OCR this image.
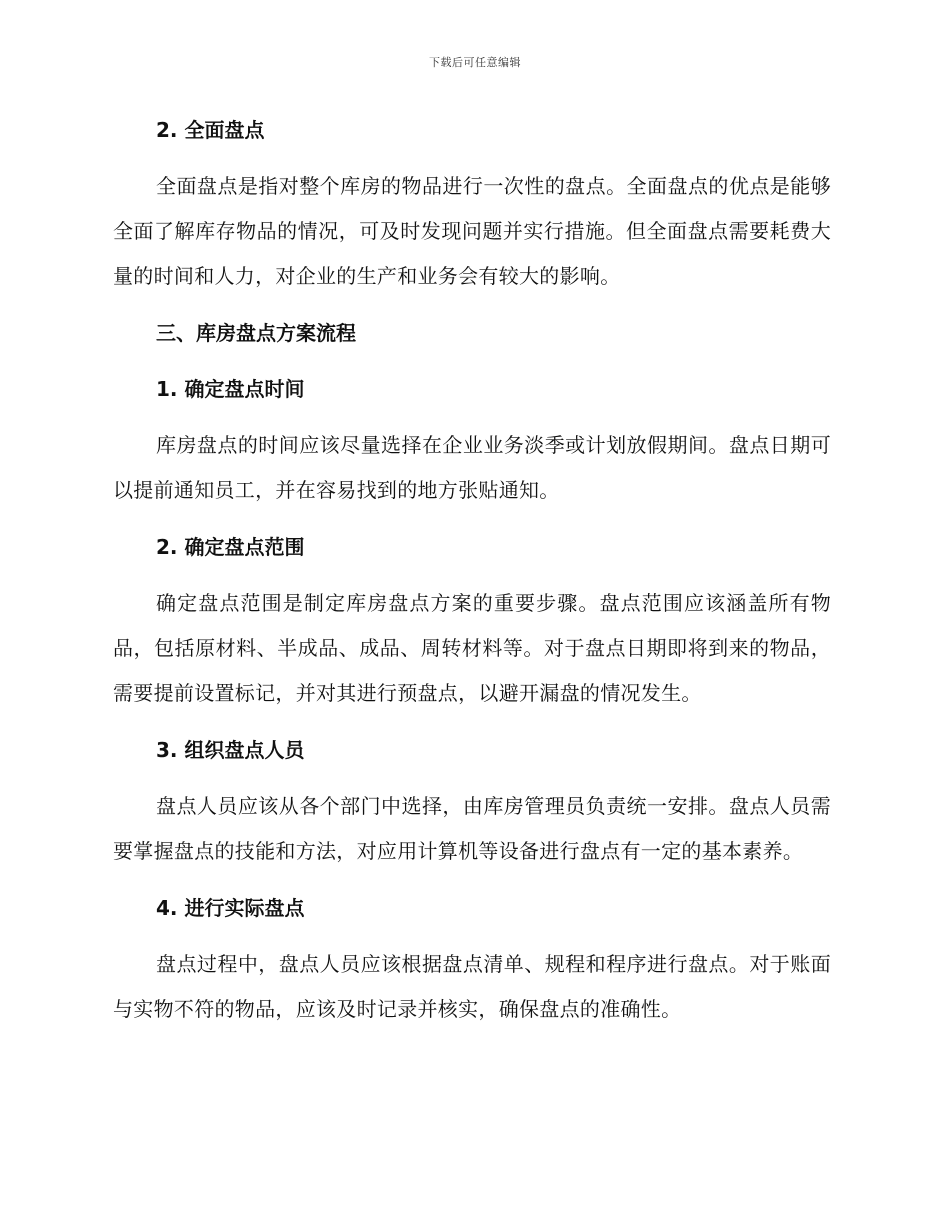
下载后可任意编辑
2. 全面盘点

全面盘点是指对整个库房的物品进行一次性的盘点。全面盘点的优点是能够全面了解库存物品的情况，可及时发现问题并实行措施。但全面盘点需要耗费大量的时间和人力，对企业的生产和业务会有较大的影响。

三、库房盘点方案流程
1. 确定盘点时间

库房盘点的时间应该尽量选择在企业业务淡季或计划放假期间。盘点日期可以提前通知员工，并在容易找到的地方张贴通知。

2. 确定盘点范围

确定盘点范围是制定库房盘点方案的重要步骤。盘点范围应该涵盖所有物品，包括原材料、半成品、成品、周转材料等。对于盘点日期即将到来的物品，需要提前设置标记，并对其进行预盘点，以避开漏盘的情况发生。

3. 组织盘点人员

盘点人员应该从各个部门中选择，由库房管理员负责统一安排。盘点人员需要掌握盘点的技能和方法，对应用计算机等设备进行盘点有一定的基本素养。

4. 进行实际盘点

盘点过程中，盘点人员应该根据盘点清单、规程和程序进行盘点。对于账面与实物不符的物品，应该及时记录并核实，确保盘点的准确性。
